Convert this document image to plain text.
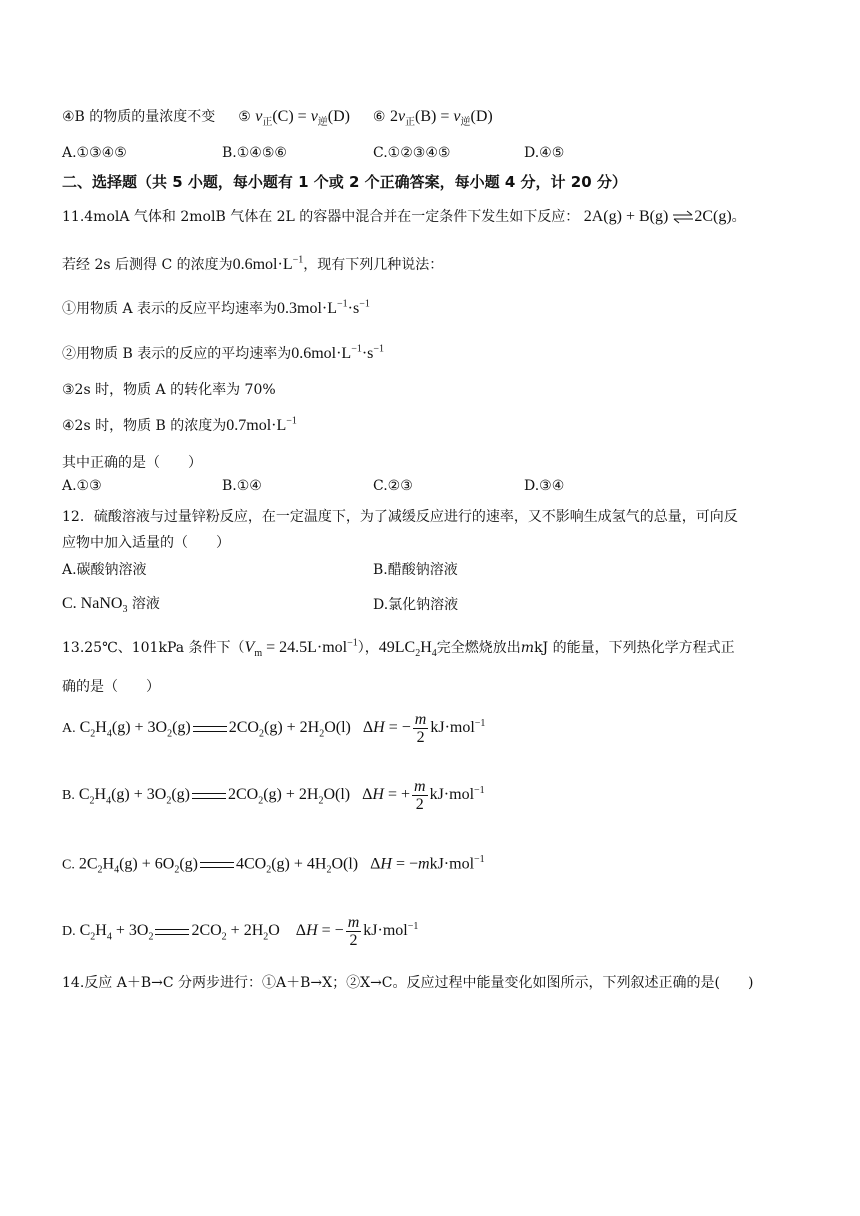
④B 的物质的量浓度不变 ⑤ $v_正(C) = v_逆(D)$ ⑥ $2v_正(B) = v_逆(D)$
A.①③④⑤	B.①④⑤⑥	C.①②③④⑤	D.④⑤
二、选择题（共 5 小题，每小题有 1 个或 2 个正确答案，每小题 4 分，计 20 分）
11.4molA 气体和 2molB 气体在 2L 的容器中混合并在一定条件下发生如下反应： 2A(g) + B(g) ⇌2C(g)。
若经 2s 后测得 C 的浓度为$0.6mol\cdot L^{-1}$，现有下列几种说法：
①用物质 A 表示的反应平均速率为$0.3mol\cdot L^{-1}\cdot s^{-1}$
②用物质 B 表示的反应的平均速率为$0.6mol\cdot L^{-1}\cdot s^{-1}$
③2s 时，物质 A 的转化率为 70%
④2s 时，物质 B 的浓度为$0.7mol\cdot L^{-1}$
其中正确的是（　　）
A.①③	B.①④	C.②③	D.③④
12．硫酸溶液与过量锌粉反应，在一定温度下，为了减缓反应进行的速率，又不影响生成氢气的总量，可向反
应物中加入适量的（　　）
A.碳酸钠溶液	B.醋酸钠溶液
C. NaNO$_3$ 溶液	D.氯化钠溶液
13.25℃、101kPa 条件下$(V_m = 24.5L\cdot mol^{-1})$，$49LC_2H_4$完全燃烧放出mkJ 的能量，下列热化学方程式正
确的是（　　）
A. $C_2H_4(g) + 3O_2(g) 2CO_2(g) + 2H_2O(l) \Delta H$ = − $\frac{m}{2} kJ\cdot mol^{-1}$
B. $C_2H_4(g) + 3O_2(g) 2CO_2(g) + 2H_2O(l) \Delta H$ = + $\frac{m}{2} kJ\cdot mol^{-1}$
C. $2C_2H_4(g) + 6O_2(g) 4CO_2(g) + 4H_2O(l) \Delta H = -mkJ\cdot mol^{-1}$
D. $C_2H_4 + 3O_2$ $2CO_2 + 2H_2O$    ΔH = − $\frac{m}{2} kJ\cdot mol^{-1}$
14.反应 A＋B→C 分两步进行：①A＋B→X；②X→C。反应过程中能量变化如图所示，下列叙述正确的是(　　)
